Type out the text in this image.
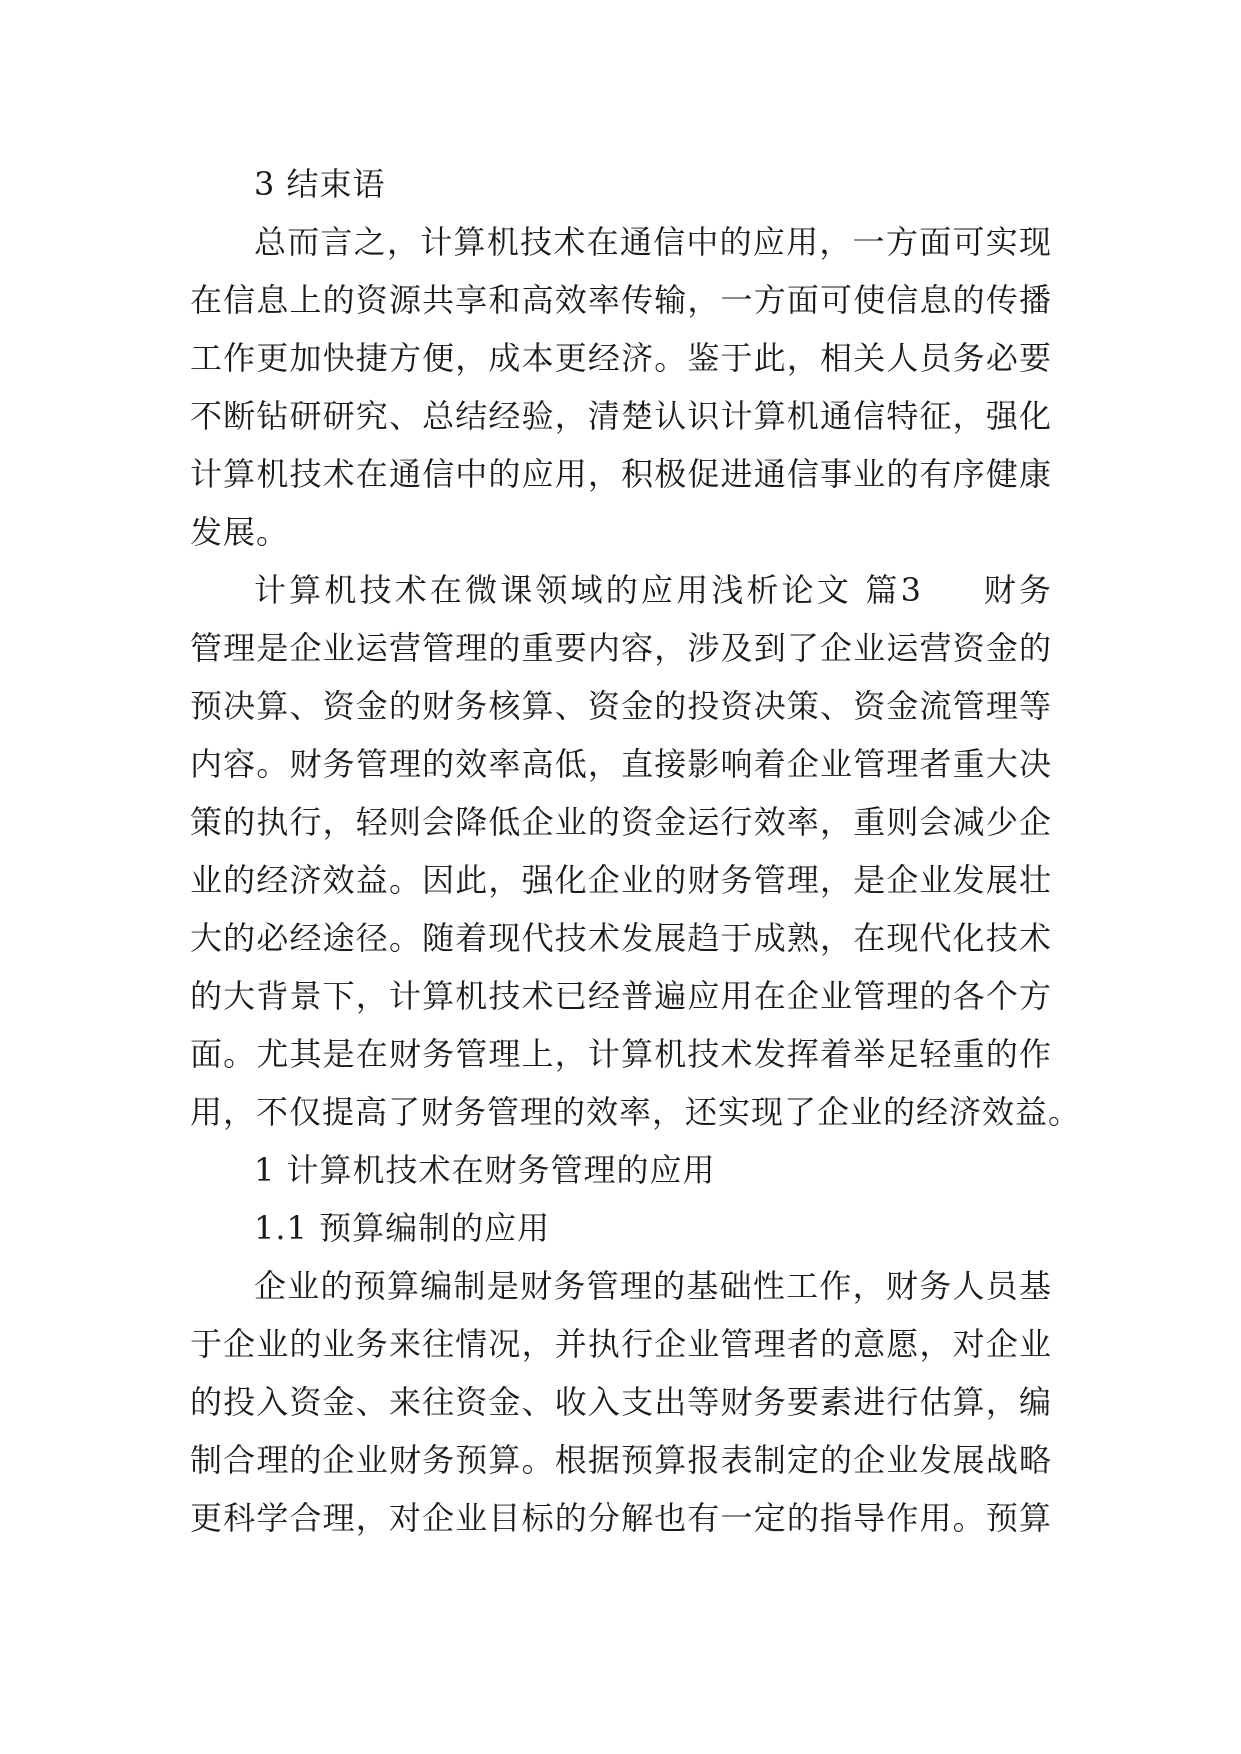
3 结束语
总而言之，计算机技术在通信中的应用，一方面可实现
在信息上的资源共享和高效率传输，一方面可使信息的传播
工作更加快捷方便，成本更经济。鉴于此，相关人员务必要
不断钻研研究、总结经验，清楚认识计算机通信特征，强化
计算机技术在通信中的应用，积极促进通信事业的有序健康
发展。
计算机技术在微课领域的应用浅析论文 篇3 　 财务
管理是企业运营管理的重要内容，涉及到了企业运营资金的
预决算、资金的财务核算、资金的投资决策、资金流管理等
内容。财务管理的效率高低，直接影响着企业管理者重大决
策的执行，轻则会降低企业的资金运行效率，重则会减少企
业的经济效益。因此，强化企业的财务管理，是企业发展壮
大的必经途径。随着现代技术发展趋于成熟，在现代化技术
的大背景下，计算机技术已经普遍应用在企业管理的各个方
面。尤其是在财务管理上，计算机技术发挥着举足轻重的作
用，不仅提高了财务管理的效率，还实现了企业的经济效益。
1 计算机技术在财务管理的应用
1.1 预算编制的应用
企业的预算编制是财务管理的基础性工作，财务人员基
于企业的业务来往情况，并执行企业管理者的意愿，对企业
的投入资金、来往资金、收入支出等财务要素进行估算，编
制合理的企业财务预算。根据预算报表制定的企业发展战略
更科学合理，对企业目标的分解也有一定的指导作用。预算
